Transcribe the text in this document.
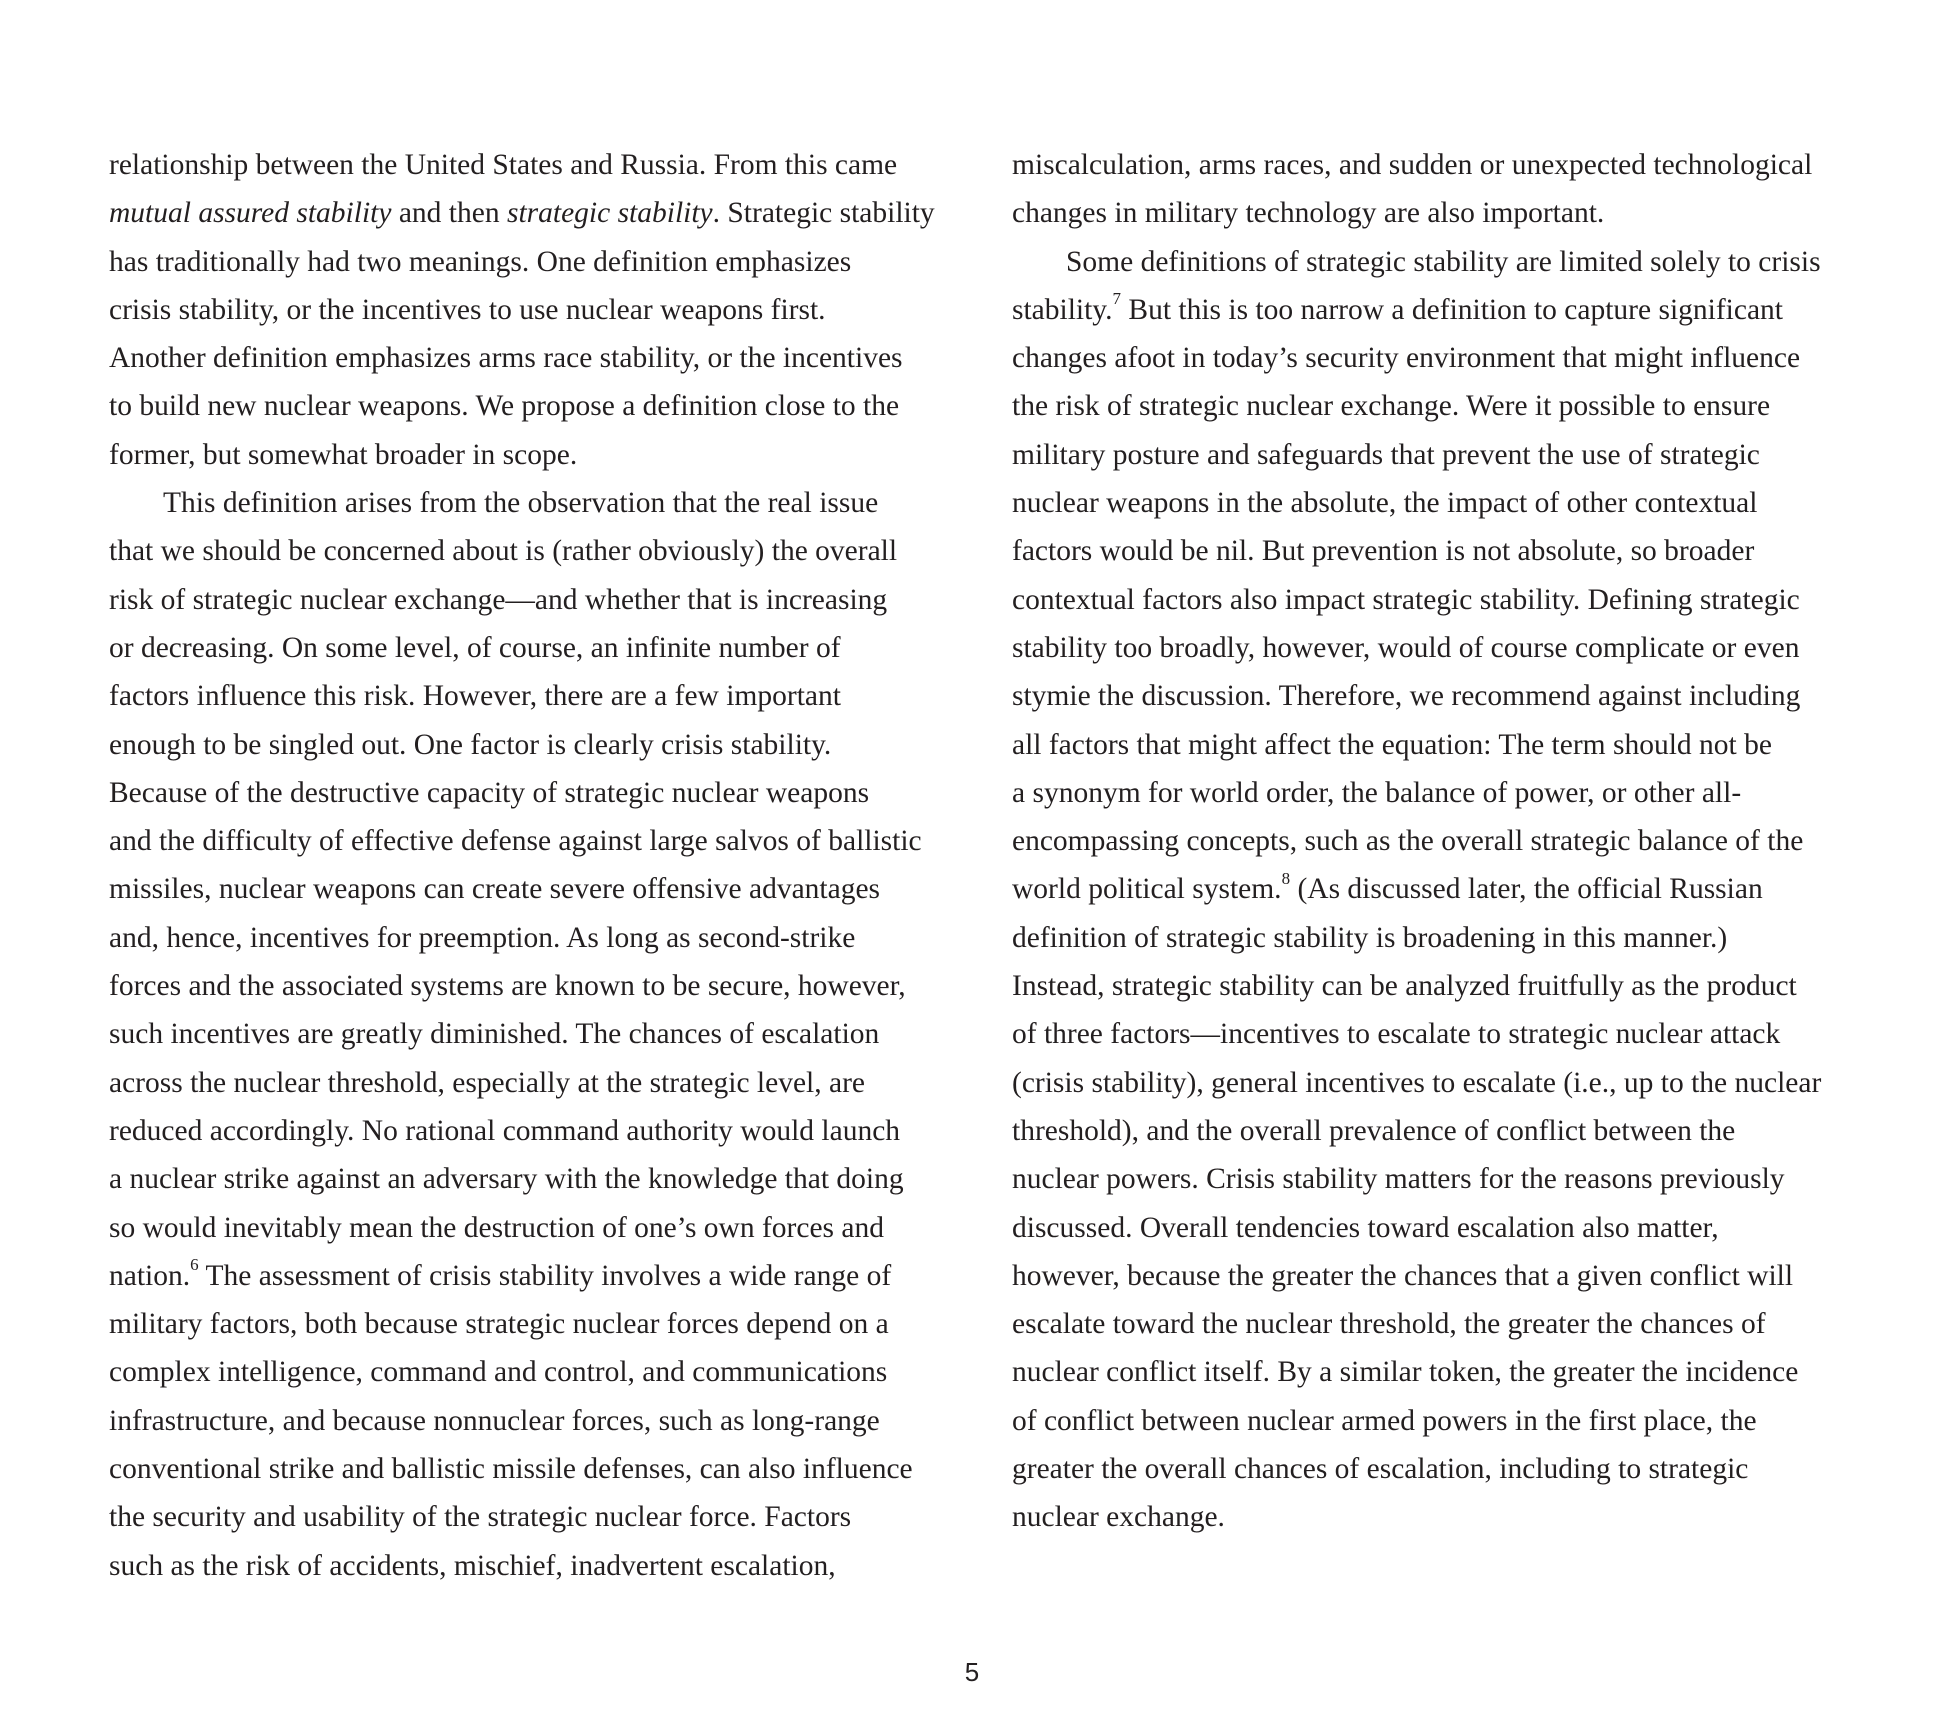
relationship between the United States and Russia. From this came
mutual assured stability and then strategic stability. Strategic stability
has traditionally had two meanings. One definition emphasizes
crisis stability, or the incentives to use nuclear weapons first.
Another definition emphasizes arms race stability, or the incentives
to build new nuclear weapons. We propose a definition close to the
former, but somewhat broader in scope.
This definition arises from the observation that the real issue
that we should be concerned about is (rather obviously) the overall
risk of strategic nuclear exchange—and whether that is increasing
or decreasing. On some level, of course, an infinite number of
factors influence this risk. However, there are a few important
enough to be singled out. One factor is clearly crisis stability.
Because of the destructive capacity of strategic nuclear weapons
and the difficulty of effective defense against large salvos of ballistic
missiles, nuclear weapons can create severe offensive advantages
and, hence, incentives for preemption. As long as second-strike
forces and the associated systems are known to be secure, however,
such incentives are greatly diminished. The chances of escalation
across the nuclear threshold, especially at the strategic level, are
reduced accordingly. No rational command authority would launch
a nuclear strike against an adversary with the knowledge that doing
so would inevitably mean the destruction of one’s own forces and
nation.$^6$ The assessment of crisis stability involves a wide range of
military factors, both because strategic nuclear forces depend on a
complex intelligence, command and control, and communications
infrastructure, and because nonnuclear forces, such as long-range
conventional strike and ballistic missile defenses, can also influence
the security and usability of the strategic nuclear force. Factors
such as the risk of accidents, mischief, inadvertent escalation,
miscalculation, arms races, and sudden or unexpected technological
changes in military technology are also important.
Some definitions of strategic stability are limited solely to crisis
stability.$^7$ But this is too narrow a definition to capture significant
changes afoot in today’s security environment that might influence
the risk of strategic nuclear exchange. Were it possible to ensure
military posture and safeguards that prevent the use of strategic
nuclear weapons in the absolute, the impact of other contextual
factors would be nil. But prevention is not absolute, so broader
contextual factors also impact strategic stability. Defining strategic
stability too broadly, however, would of course complicate or even
stymie the discussion. Therefore, we recommend against including
all factors that might affect the equation: The term should not be
a synonym for world order, the balance of power, or other all-
encompassing concepts, such as the overall strategic balance of the
world political system.$^8$ (As discussed later, the official Russian
definition of strategic stability is broadening in this manner.)
Instead, strategic stability can be analyzed fruitfully as the product
of three factors—incentives to escalate to strategic nuclear attack
(crisis stability), general incentives to escalate (i.e., up to the nuclear
threshold), and the overall prevalence of conflict between the
nuclear powers. Crisis stability matters for the reasons previously
discussed. Overall tendencies toward escalation also matter,
however, because the greater the chances that a given conflict will
escalate toward the nuclear threshold, the greater the chances of
nuclear conflict itself. By a similar token, the greater the incidence
of conflict between nuclear armed powers in the first place, the
greater the overall chances of escalation, including to strategic
nuclear exchange.
5
